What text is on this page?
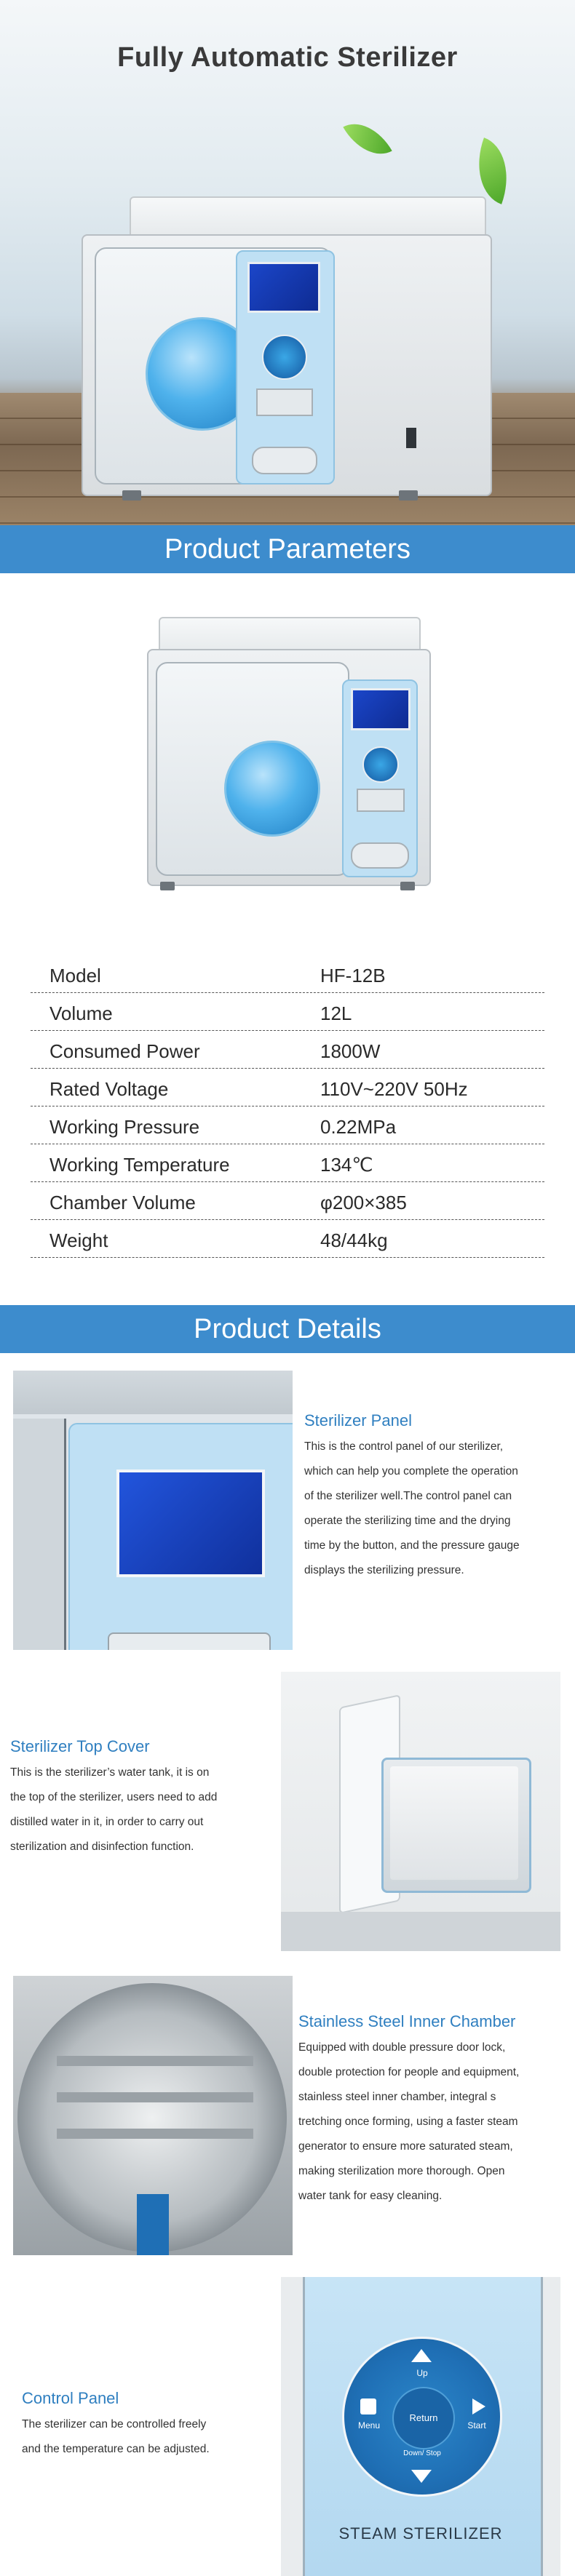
Fully Automatic Sterilizer
Product Parameters
Model	HF-12B
Volume	12L
Consumed Power	1800W
Rated Voltage	110V~220V 50Hz
Working Pressure	0.22MPa
Working Temperature	134℃
Chamber Volume	φ200×385
Weight	48/44kg
Product Details
Sterilizer Panel
This is the control panel of our sterilizer,
which can help you complete the operation
of the sterilizer well.The control panel can
operate the sterilizing time and the drying
time by the button, and the pressure gauge
displays the sterilizing pressure.
Sterilizer Top Cover
This is the sterilizer’s water tank, it is on
the top of the sterilizer, users need to add
distilled water in it, in order to carry out
sterilization and disinfection function.
Stainless Steel Inner Chamber
Equipped with double pressure door lock,
double protection for people and equipment,
stainless steel inner chamber, integral s
tretching once forming, using a faster steam
generator to ensure more saturated steam,
making sterilization more thorough. Open
water tank for easy cleaning.
Control Panel
The sterilizer can be controlled freely
and the temperature can be adjusted.
Up
Menu
Return
Start
Down/ Stop
STEAM STERILIZER
